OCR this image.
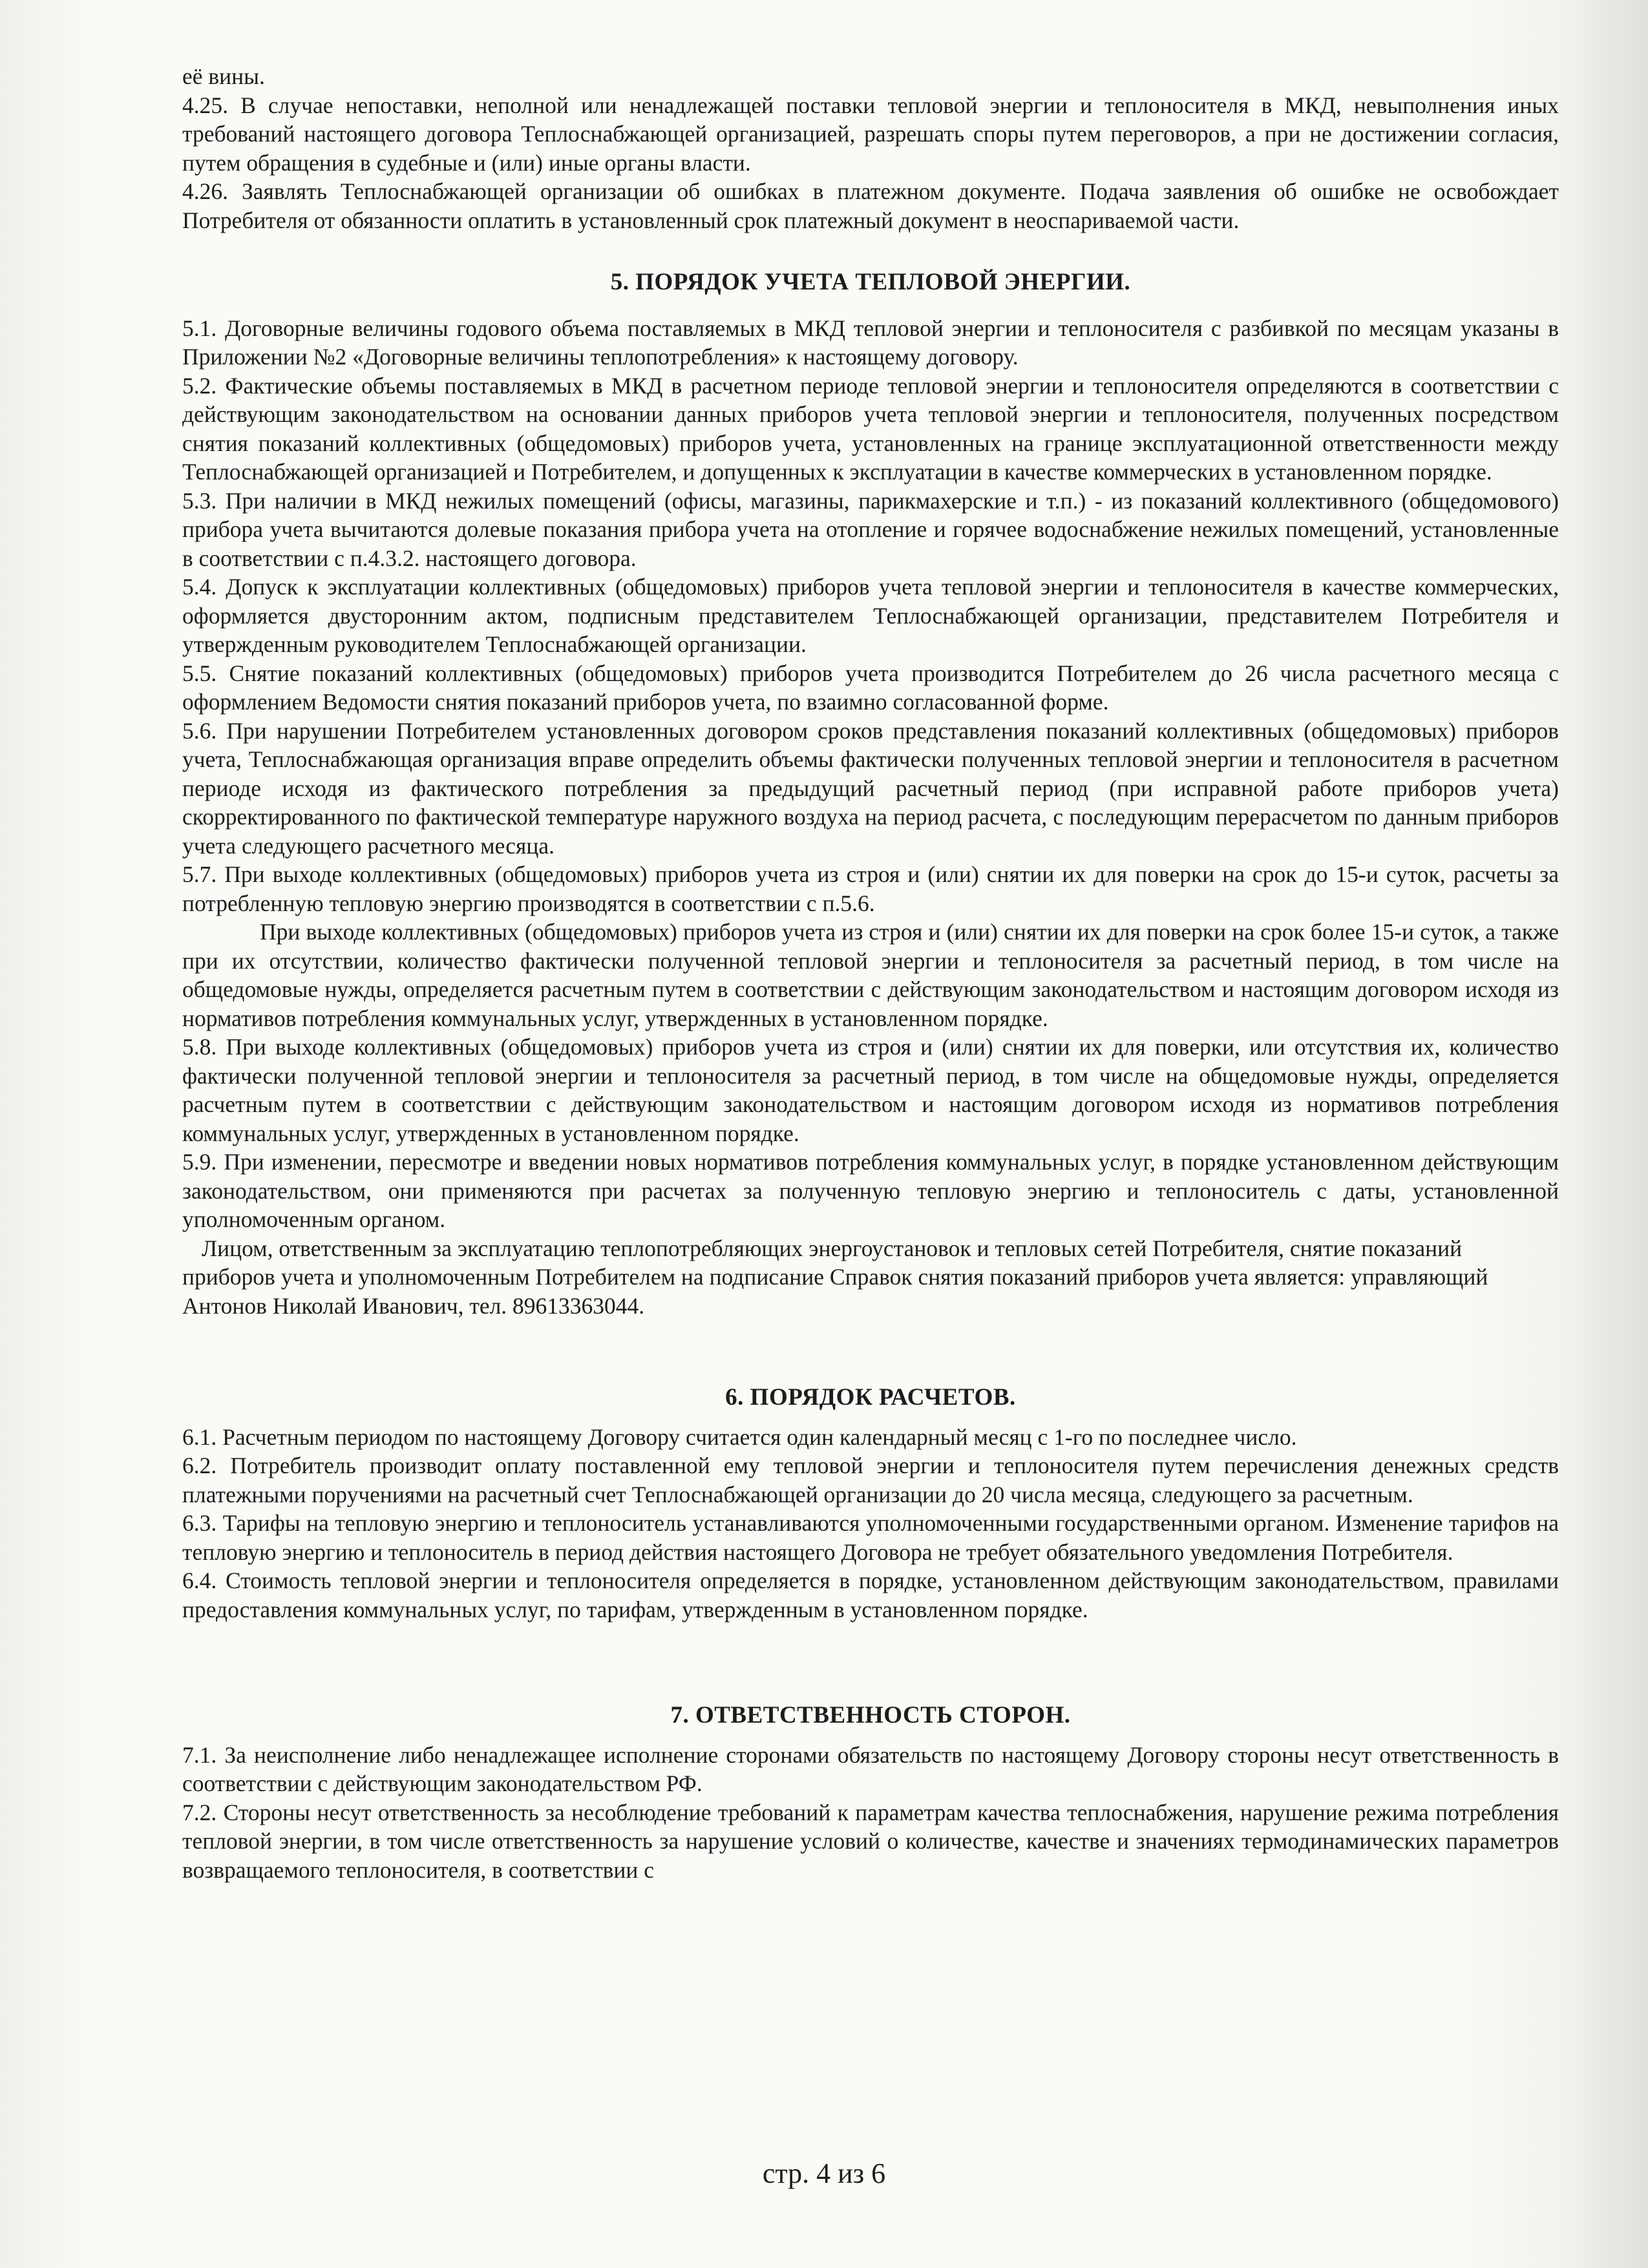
её вины.

4.25. В случае непоставки, неполной или ненадлежащей поставки тепловой энергии и теплоносителя в МКД, невыполнения иных требований настоящего договора Теплоснабжающей организацией, разрешать споры путем переговоров, а при не достижении согласия, путем обращения в судебные и (или) иные органы власти.

4.26. Заявлять Теплоснабжающей организации об ошибках в платежном документе. Подача заявления об ошибке не освобождает Потребителя от обязанности оплатить в установленный срок платежный документ в неоспариваемой части.

5. ПОРЯДОК УЧЕТА ТЕПЛОВОЙ ЭНЕРГИИ.

5.1. Договорные величины годового объема поставляемых в МКД тепловой энергии и теплоносителя с разбивкой по месяцам указаны в Приложении №2 «Договорные величины теплопотребления» к настоящему договору.

5.2. Фактические объемы поставляемых в МКД в расчетном периоде тепловой энергии и теплоносителя определяются в соответствии с действующим законодательством на основании данных приборов учета тепловой энергии и теплоносителя, полученных посредством снятия показаний коллективных (общедомовых) приборов учета, установленных на границе эксплуатационной ответственности между Теплоснабжающей организацией и Потребителем, и допущенных к эксплуатации в качестве коммерческих в установленном порядке.

5.3. При наличии в МКД нежилых помещений (офисы, магазины, парикмахерские и т.п.) - из показаний коллективного (общедомового) прибора учета вычитаются долевые показания прибора учета на отопление и горячее водоснабжение нежилых помещений, установленные в соответствии с п.4.3.2. настоящего договора.

5.4. Допуск к эксплуатации коллективных (общедомовых) приборов учета тепловой энергии и теплоносителя в качестве коммерческих, оформляется двусторонним актом, подписным представителем Теплоснабжающей организации, представителем Потребителя и утвержденным руководителем Теплоснабжающей организации.

5.5. Снятие показаний коллективных (общедомовых) приборов учета производится Потребителем до 26 числа расчетного месяца с оформлением Ведомости снятия показаний приборов учета, по взаимно согласованной форме.

5.6. При нарушении Потребителем установленных договором сроков представления показаний коллективных (общедомовых) приборов учета, Теплоснабжающая организация вправе определить объемы фактически полученных тепловой энергии и теплоносителя в расчетном периоде исходя из фактического потребления за предыдущий расчетный период (при исправной работе приборов учета) скорректированного по фактической температуре наружного воздуха на период расчета, с последующим перерасчетом по данным приборов учета следующего расчетного месяца.

5.7. При выходе коллективных (общедомовых) приборов учета из строя и (или) снятии их для поверки на срок до 15-и суток, расчеты за потребленную тепловую энергию производятся в соответствии с п.5.6.

При выходе коллективных (общедомовых) приборов учета из строя и (или) снятии их для поверки на срок более 15-и суток, а также при их отсутствии, количество фактически полученной тепловой энергии и теплоносителя за расчетный период, в том числе на общедомовые нужды, определяется расчетным путем в соответствии с действующим законодательством и настоящим договором исходя из нормативов потребления коммунальных услуг, утвержденных в установленном порядке.

5.8. При выходе коллективных (общедомовых) приборов учета из строя и (или) снятии их для поверки, или отсутствия их, количество фактически полученной тепловой энергии и теплоносителя за расчетный период, в том числе на общедомовые нужды, определяется расчетным путем в соответствии с действующим законодательством и настоящим договором исходя из нормативов потребления коммунальных услуг, утвержденных в установленном порядке.

5.9. При изменении, пересмотре и введении новых нормативов потребления коммунальных услуг, в порядке установленном действующим законодательством, они применяются при расчетах за полученную тепловую энергию и теплоноситель с даты, установленной уполномоченным органом.

Лицом, ответственным за эксплуатацию теплопотребляющих энергоустановок и тепловых сетей Потребителя, снятие показаний приборов учета и уполномоченным Потребителем на подписание Справок снятия показаний приборов учета является: управляющий Антонов Николай Иванович, тел. 89613363044.

6. ПОРЯДОК РАСЧЕТОВ.

6.1. Расчетным периодом по настоящему Договору считается один календарный месяц с 1-го по последнее число.

6.2. Потребитель производит оплату поставленной ему тепловой энергии и теплоносителя путем перечисления денежных средств платежными поручениями на расчетный счет Теплоснабжающей организации до 20 числа месяца, следующего за расчетным.

6.3. Тарифы на тепловую энергию и теплоноситель устанавливаются уполномоченными государственными органом. Изменение тарифов на тепловую энергию и теплоноситель в период действия настоящего Договора не требует обязательного уведомления Потребителя.

6.4. Стоимость тепловой энергии и теплоносителя определяется в порядке, установленном действующим законодательством, правилами предоставления коммунальных услуг, по тарифам, утвержденным в установленном порядке.

7. ОТВЕТСТВЕННОСТЬ СТОРОН.

7.1. За неисполнение либо ненадлежащее исполнение сторонами обязательств по настоящему Договору стороны несут ответственность в соответствии с действующим законодательством РФ.

7.2. Стороны несут ответственность за несоблюдение требований к параметрам качества теплоснабжения, нарушение режима потребления тепловой энергии, в том числе ответственность за нарушение условий о количестве, качестве и значениях термодинамических параметров возвращаемого теплоносителя, в соответствии с

стр. 4 из 6
